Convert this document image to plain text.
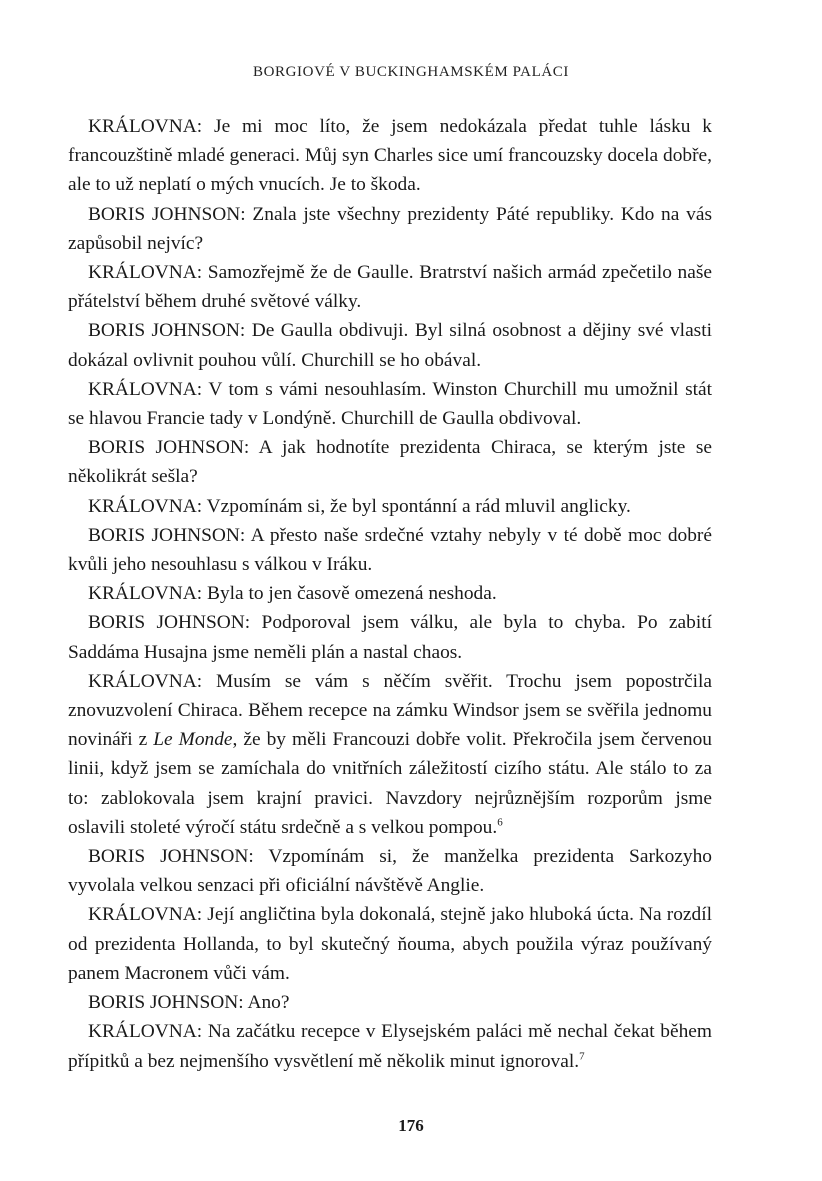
BORGIOVÉ V BUCKINGHAMSKÉM PALÁCI

KRÁLOVNA: Je mi moc líto, že jsem nedokázala předat tuhle lásku k francouzštině mladé generaci. Můj syn Charles sice umí francouzsky docela dobře, ale to už neplatí o mých vnucích. Je to škoda.

BORIS JOHNSON: Znala jste všechny prezidenty Páté republiky. Kdo na vás zapůsobil nejvíc?

KRÁLOVNA: Samozřejmě že de Gaulle. Bratrství našich armád zpečetilo naše přátelství během druhé světové války.

BORIS JOHNSON: De Gaulla obdivuji. Byl silná osobnost a dějiny své vlasti dokázal ovlivnit pouhou vůlí. Churchill se ho obával.

KRÁLOVNA: V tom s vámi nesouhlasím. Winston Churchill mu umožnil stát se hlavou Francie tady v Londýně. Churchill de Gaulla obdivoval.

BORIS JOHNSON: A jak hodnotíte prezidenta Chiraca, se kterým jste se několikrát sešla?

KRÁLOVNA: Vzpomínám si, že byl spontánní a rád mluvil anglicky.

BORIS JOHNSON: A přesto naše srdečné vztahy nebyly v té době moc dobré kvůli jeho nesouhlasu s válkou v Iráku.

KRÁLOVNA: Byla to jen časově omezená neshoda.

BORIS JOHNSON: Podporoval jsem válku, ale byla to chyba. Po zabití Saddáma Husajna jsme neměli plán a nastal chaos.

KRÁLOVNA: Musím se vám s něčím svěřit. Trochu jsem popostrčila znovuzvolení Chiraca. Během recepce na zámku Windsor jsem se svěřila jednomu novináři z Le Monde, že by měli Francouzi dobře volit. Překročila jsem červenou linii, když jsem se zamíchala do vnitřních záležitostí cizího státu. Ale stálo to za to: zablokovala jsem krajní pravici. Navzdory nejrůznějším rozporům jsme oslavili stoleté výročí státu srdečně a s velkou pompou.$^6$

BORIS JOHNSON: Vzpomínám si, že manželka prezidenta Sarkozyho vyvolala velkou senzaci při oficiální návštěvě Anglie.

KRÁLOVNA: Její angličtina byla dokonalá, stejně jako hluboká úcta. Na rozdíl od prezidenta Hollanda, to byl skutečný ňouma, abych použila výraz používaný panem Macronem vůči vám.

BORIS JOHNSON: Ano?

KRÁLOVNA: Na začátku recepce v Elysejském paláci mě nechal čekat během přípitků a bez nejmenšího vysvětlení mě několik minut ignoroval.$^7$

176
